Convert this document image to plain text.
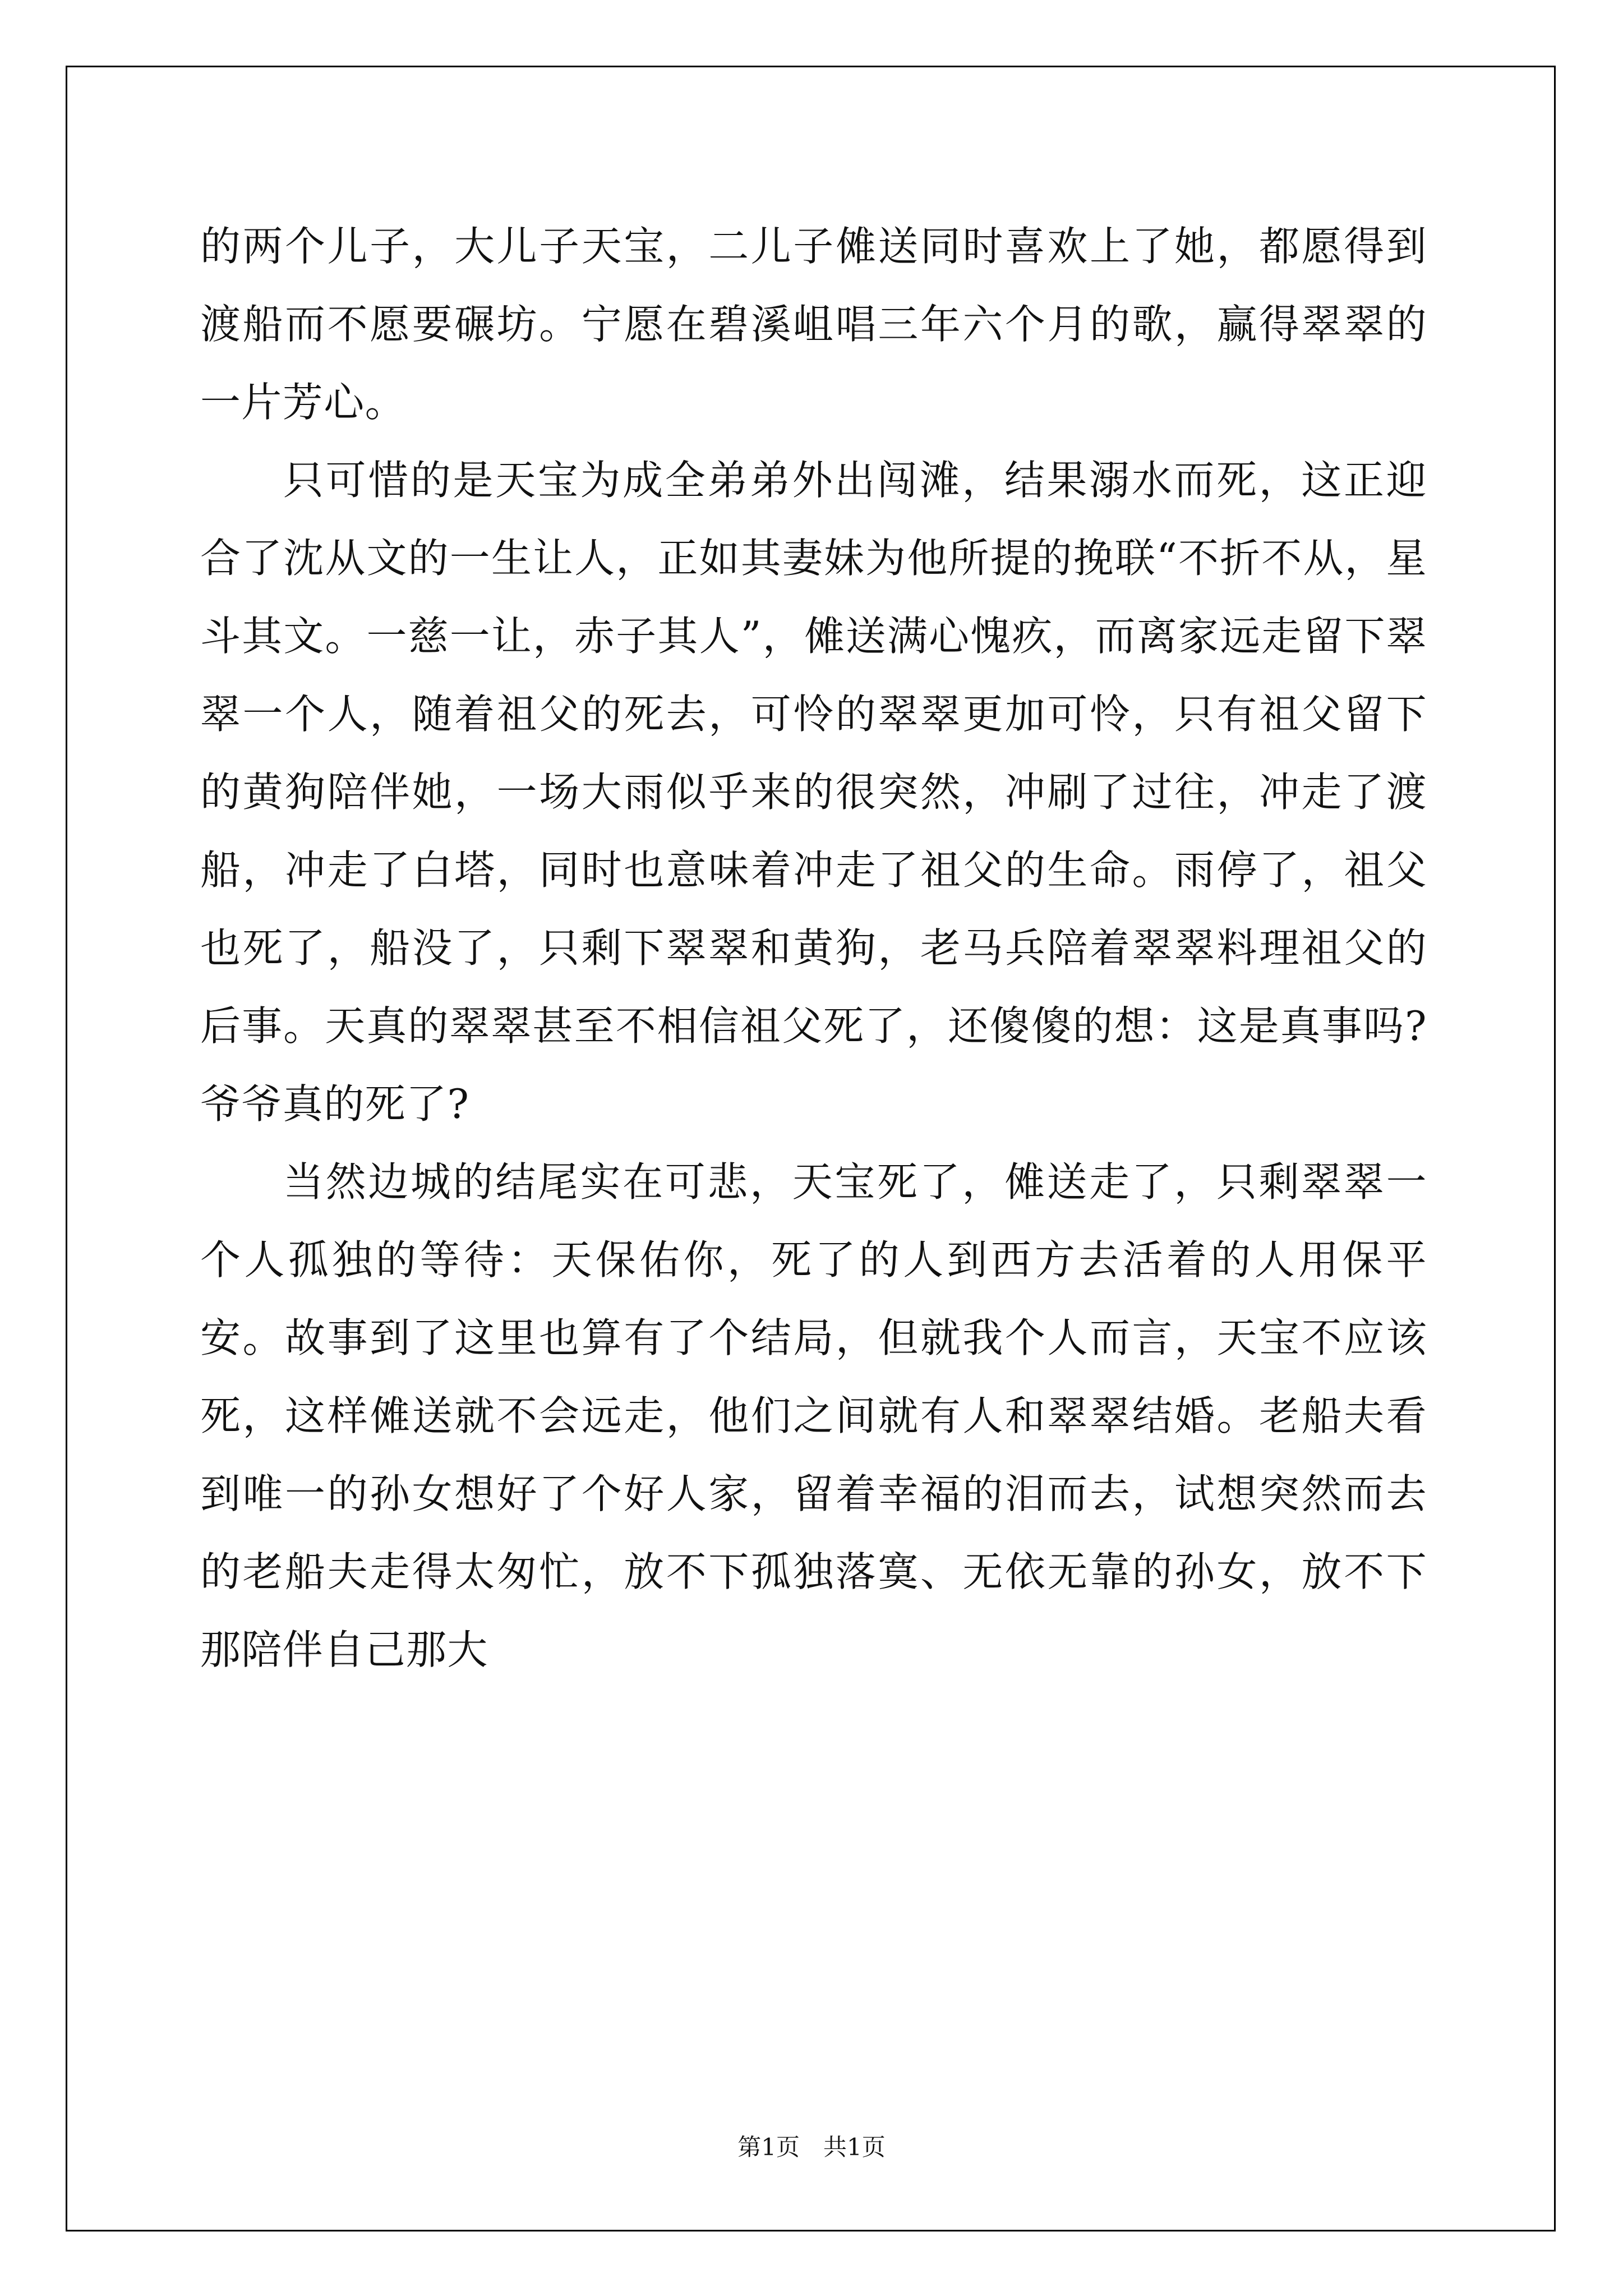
的两个儿子，大儿子天宝，二儿子傩送同时喜欢上了她，都愿得到渡船而不愿要碾坊。宁愿在碧溪岨唱三年六个月的歌，赢得翠翠的一片芳心。

只可惜的是天宝为成全弟弟外出闯滩，结果溺水而死，这正迎合了沈从文的一生让人，正如其妻妹为他所提的挽联“不折不从，星斗其文。一慈一让，赤子其人”，傩送满心愧疚，而离家远走留下翠翠一个人，随着祖父的死去，可怜的翠翠更加可怜，只有祖父留下的黄狗陪伴她，一场大雨似乎来的很突然，冲刷了过往，冲走了渡船，冲走了白塔，同时也意味着冲走了祖父的生命。雨停了，祖父也死了，船没了，只剩下翠翠和黄狗，老马兵陪着翠翠料理祖父的后事。天真的翠翠甚至不相信祖父死了，还傻傻的想：这是真事吗?爷爷真的死了?

当然边城的结尾实在可悲，天宝死了，傩送走了，只剩翠翠一个人孤独的等待：天保佑你，死了的人到西方去活着的人用保平安。故事到了这里也算有了个结局，但就我个人而言，天宝不应该死，这样傩送就不会远走，他们之间就有人和翠翠结婚。老船夫看到唯一的孙女想好了个好人家，留着幸福的泪而去，试想突然而去的老船夫走得太匆忙，放不下孤独落寞、无依无靠的孙女，放不下那陪伴自己那大

第1页　共1页
